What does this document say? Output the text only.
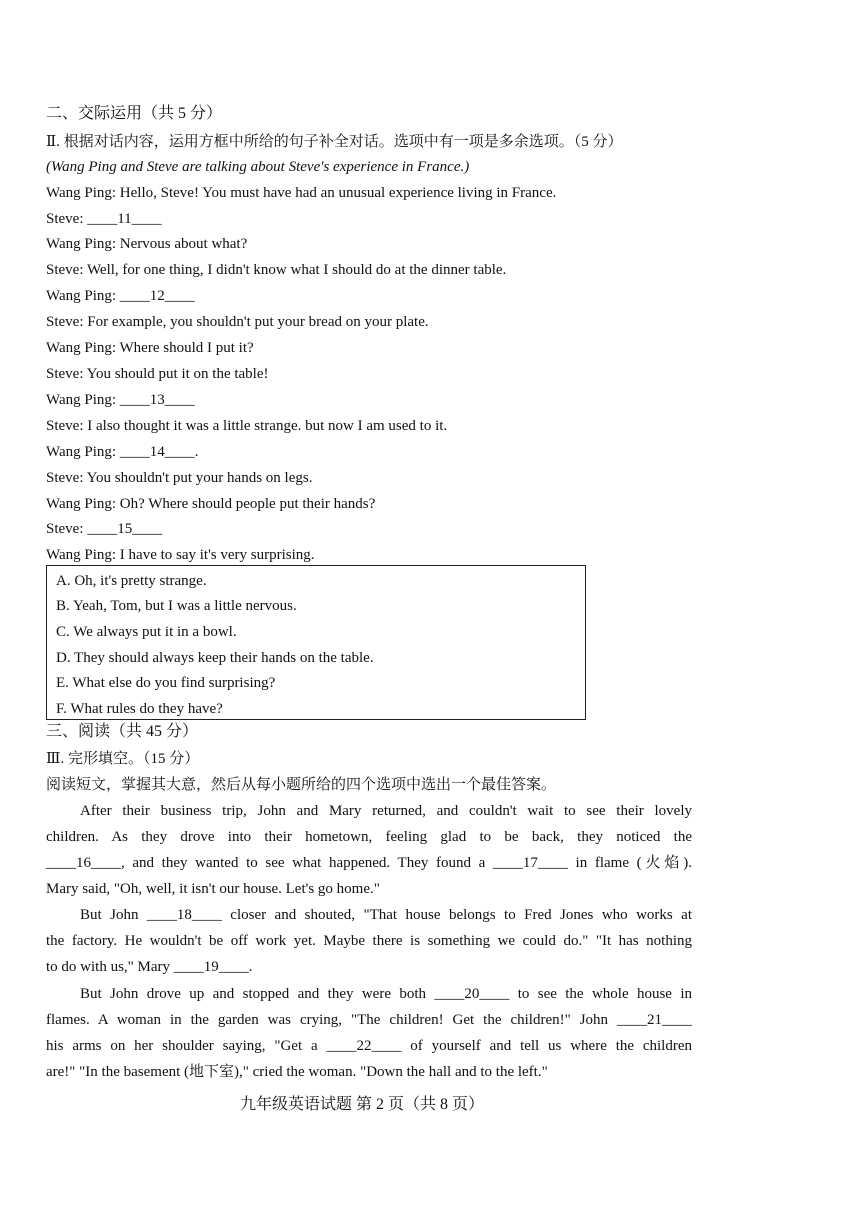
二、交际运用（共 5 分）
Ⅱ. 根据对话内容，运用方框中所给的句子补全对话。选项中有一项是多余选项。（5 分）
(Wang Ping and Steve are talking about Steve's experience in France.)
Wang Ping: Hello, Steve! You must have had an unusual experience living in France.
Steve: ____11____
Wang Ping: Nervous about what?
Steve: Well, for one thing, I didn't know what I should do at the dinner table.
Wang Ping: ____12____
Steve: For example, you shouldn't put your bread on your plate.
Wang Ping: Where should I put it?
Steve: You should put it on the table!
Wang Ping: ____13____
Steve: I also thought it was a little strange. but now I am used to it.
Wang Ping: ____14____.
Steve: You shouldn't put your hands on legs.
Wang Ping: Oh? Where should people put their hands?
Steve: ____15____
Wang Ping: I have to say it's very surprising.
A. Oh, it's pretty strange.
B. Yeah, Tom, but I was a little nervous.
C. We always put it in a bowl.
D. They should always keep their hands on the table.
E. What else do you find surprising?
F. What rules do they have?
三、阅读（共 45 分）
Ⅲ. 完形填空。（15 分）
阅读短文，掌握其大意，然后从每小题所给的四个选项中选出一个最佳答案。
After their business trip, John and Mary returned, and couldn't wait to see their lovely
children. As they drove into their hometown, feeling glad to be back, they noticed the
____16____, and they wanted to see what happened. They found a ____17____ in flame (火焰).
Mary said, "Oh, well, it isn't our house. Let's go home."
But John ____18____ closer and shouted, "That house belongs to Fred Jones who works at
the factory. He wouldn't be off work yet. Maybe there is something we could do." "It has nothing
to do with us," Mary ____19____.
But John drove up and stopped and they were both ____20____ to see the whole house in
flames. A woman in the garden was crying, "The children! Get the children!" John ____21____
his arms on her shoulder saying, "Get a ____22____ of yourself and tell us where the children
are!" "In the basement (地下室)," cried the woman. "Down the hall and to the left."
九年级英语试题 第 2 页（共 8 页）
